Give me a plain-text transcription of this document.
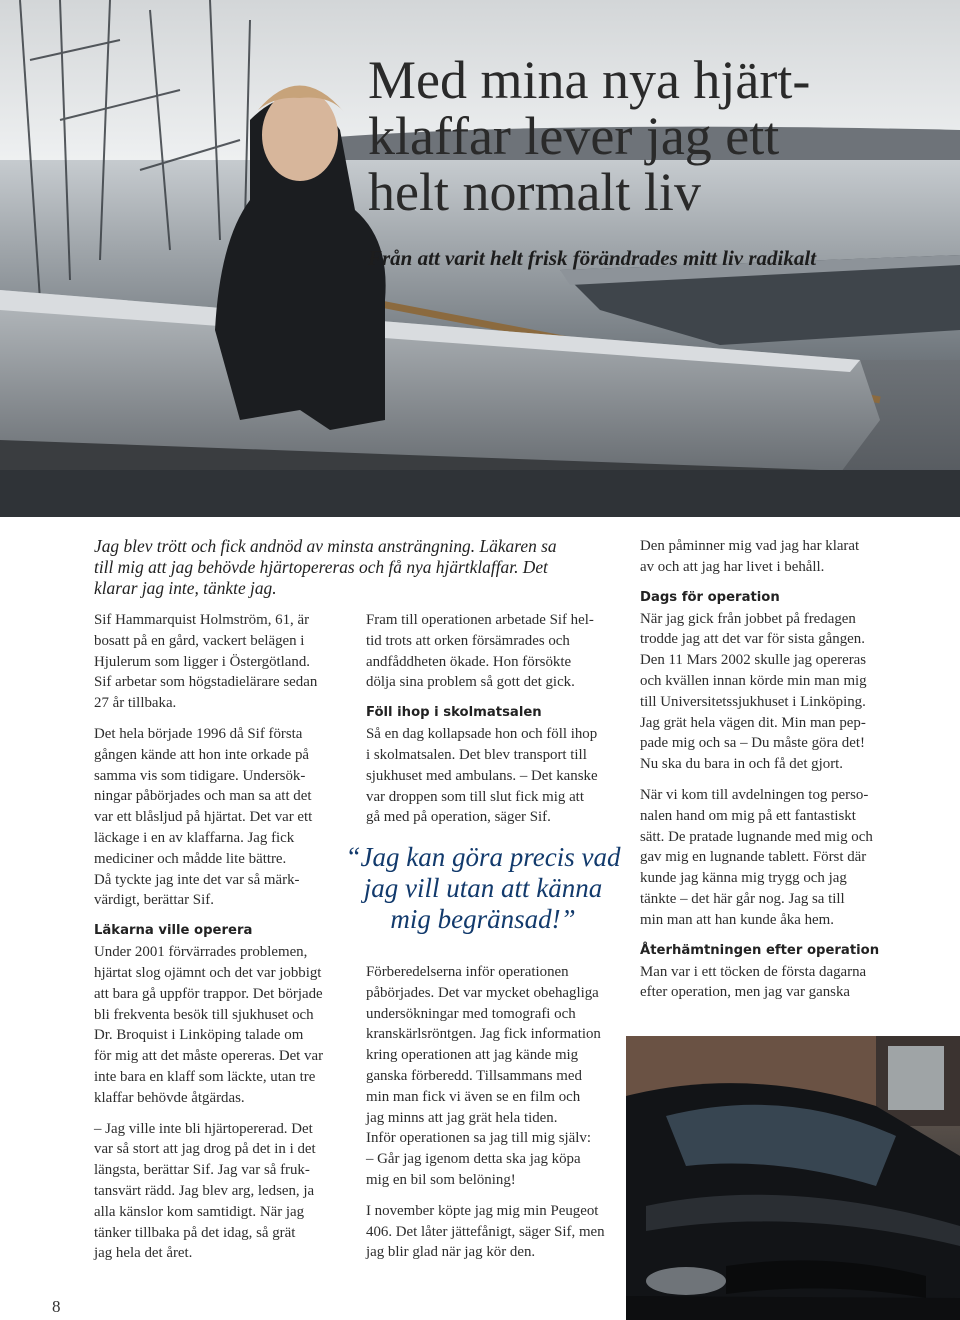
Med mina nya hjärt-
klaffar lever jag ett
helt normalt liv

Från att varit helt frisk förändrades mitt liv radikalt

Jag blev trött och fick andnöd av minsta ansträngning. Läkaren sa
till mig att jag behövde hjärtopereras och få nya hjärtklaffar. Det
klarar jag inte, tänkte jag.

Sif Hammarquist Holmström, 61, är
bosatt på en gård, vackert belägen i
Hjulerum som ligger i Östergötland.
Sif arbetar som högstadielärare sedan
27 år tillbaka.

Det hela började 1996 då Sif första
gången kände att hon inte orkade på
samma vis som tidigare. Undersök-
ningar påbörjades och man sa att det
var ett blåsljud på hjärtat. Det var ett
läckage i en av klaffarna. Jag fick
mediciner och mådde lite bättre.
Då tyckte jag inte det var så märk-
värdigt, berättar Sif.

Läkarna ville operera

Under 2001 förvärrades problemen,
hjärtat slog ojämnt och det var jobbigt
att bara gå uppför trappor. Det började
bli frekventa besök till sjukhuset och
Dr. Broquist i Linköping talade om
för mig att det måste opereras. Det var
inte bara en klaff som läckte, utan tre
klaffar behövde åtgärdas.

– Jag ville inte bli hjärtopererad. Det
var så stort att jag drog på det in i det
längsta, berättar Sif. Jag var så fruk-
tansvärt rädd. Jag blev arg, ledsen, ja
alla känslor kom samtidigt. När jag
tänker tillbaka på det idag, så grät
jag hela det året.

Fram till operationen arbetade Sif hel-
tid trots att orken försämrades och
andfåddheten ökade. Hon försökte
dölja sina problem så gott det gick.

Föll ihop i skolmatsalen

Så en dag kollapsade hon och föll ihop
i skolmatsalen. Det blev transport till
sjukhuset med ambulans. – Det kanske
var droppen som till slut fick mig att
gå med på operation, säger Sif.

“Jag kan göra precis vad
jag vill utan att känna
mig begränsad!”

Förberedelserna inför operationen
påbörjades. Det var mycket obehagliga
undersökningar med tomografi och
kranskärlsröntgen. Jag fick information
kring operationen att jag kände mig
ganska förberedd. Tillsammans med
min man fick vi även se en film och
jag minns att jag grät hela tiden.

Inför operationen sa jag till mig själv:
– Går jag igenom detta ska jag köpa
mig en bil som belöning!

I november köpte jag mig min Peugeot
406. Det låter jättefånigt, säger Sif, men
jag blir glad när jag kör den.

Den påminner mig vad jag har klarat
av och att jag har livet i behåll.

Dags för operation

När jag gick från jobbet på fredagen
trodde jag att det var för sista gången.
Den 11 Mars 2002 skulle jag opereras
och kvällen innan körde min man mig
till Universitetssjukhuset i Linköping.
Jag grät hela vägen dit. Min man pep-
pade mig och sa – Du måste göra det!
Nu ska du bara in och få det gjort.

När vi kom till avdelningen tog perso-
nalen hand om mig på ett fantastiskt
sätt. De pratade lugnande med mig och
gav mig en lugnande tablett. Först där
kunde jag känna mig trygg och jag
tänkte – det här går nog. Jag sa till
min man att han kunde åka hem.

Återhämtningen efter operation

Man var i ett töcken de första dagarna
efter operation, men jag var ganska

8
